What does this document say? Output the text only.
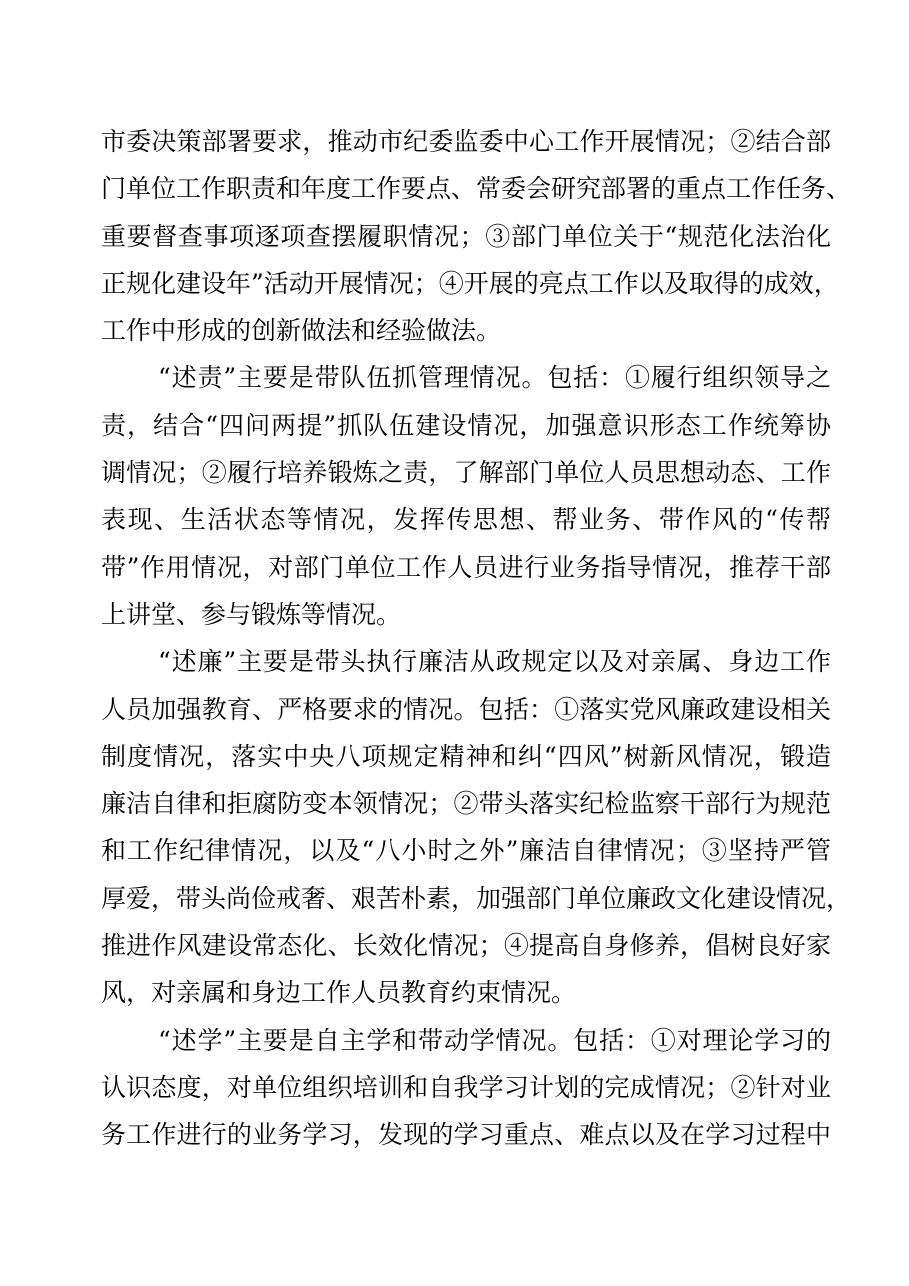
市委决策部署要求，推动市纪委监委中心工作开展情况；②结合部
门单位工作职责和年度工作要点、常委会研究部署的重点工作任务、
重要督查事项逐项查摆履职情况；③部门单位关于“规范化法治化
正规化建设年”活动开展情况；④开展的亮点工作以及取得的成效，
工作中形成的创新做法和经验做法。
“述责”主要是带队伍抓管理情况。包括：①履行组织领导之
责，结合“四问两提”抓队伍建设情况，加强意识形态工作统筹协
调情况；②履行培养锻炼之责，了解部门单位人员思想动态、工作
表现、生活状态等情况，发挥传思想、帮业务、带作风的“传帮
带”作用情况，对部门单位工作人员进行业务指导情况，推荐干部
上讲堂、参与锻炼等情况。
“述廉”主要是带头执行廉洁从政规定以及对亲属、身边工作
人员加强教育、严格要求的情况。包括：①落实党风廉政建设相关
制度情况，落实中央八项规定精神和纠“四风”树新风情况，锻造
廉洁自律和拒腐防变本领情况；②带头落实纪检监察干部行为规范
和工作纪律情况，以及“八小时之外”廉洁自律情况；③坚持严管
厚爱，带头尚俭戒奢、艰苦朴素，加强部门单位廉政文化建设情况，
推进作风建设常态化、长效化情况；④提高自身修养，倡树良好家
风，对亲属和身边工作人员教育约束情况。
“述学”主要是自主学和带动学情况。包括：①对理论学习的
认识态度，对单位组织培训和自我学习计划的完成情况；②针对业
务工作进行的业务学习，发现的学习重点、难点以及在学习过程中
